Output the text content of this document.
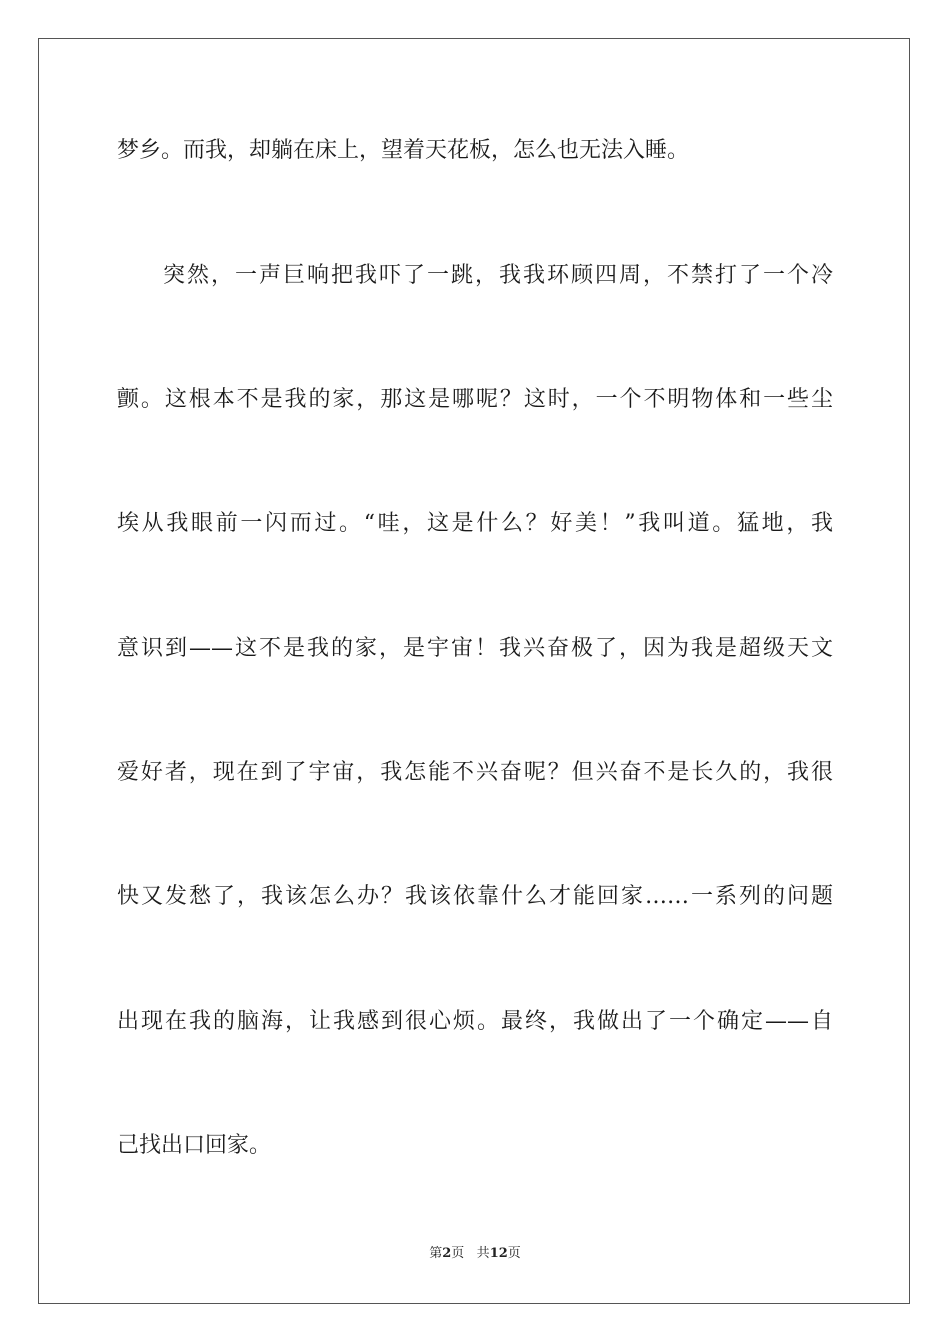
梦乡。而我，却躺在床上，望着天花板，怎么也无法入睡。
突然，一声巨响把我吓了一跳，我我环顾四周，不禁打了一个冷
颤。这根本不是我的家，那这是哪呢？这时，一个不明物体和一些尘
埃从我眼前一闪而过。“哇，这是什么？好美！”我叫道。猛地，我
意识到——这不是我的家，是宇宙！我兴奋极了，因为我是超级天文
爱好者，现在到了宇宙，我怎能不兴奋呢？但兴奋不是长久的，我很
快又发愁了，我该怎么办？我该依靠什么才能回家……一系列的问题
出现在我的脑海，让我感到很心烦。最终，我做出了一个确定——自
己找出口回家。
第2页 共12页
